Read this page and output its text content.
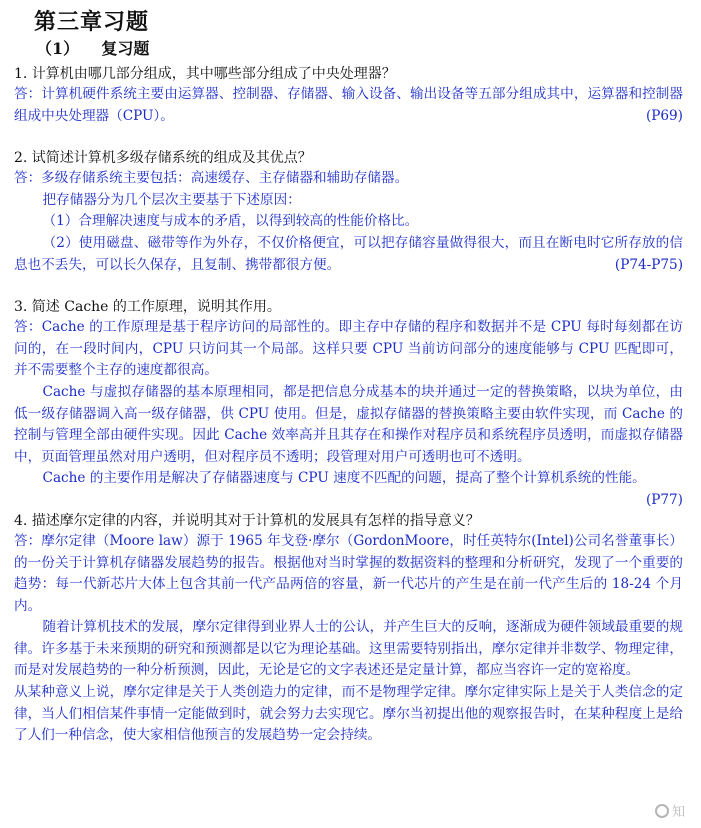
第三章习题
（1）    复习题

1. 计算机由哪几部分组成，其中哪些部分组成了中央处理器？

答：计算机硬件系统主要由运算器、控制器、存储器、输入设备、输出设备等五部分组成其中，运算器和控制器组成中央处理器（CPU）。	(P69)

2. 试简述计算机多级存储系统的组成及其优点？

答：多级存储系统主要包括：高速缓存、主存储器和辅助存储器。

把存储器分为几个层次主要基于下述原因：

（1）合理解决速度与成本的矛盾，以得到较高的性能价格比。

（2）使用磁盘、磁带等作为外存，不仅价格便宜，可以把存储容量做得很大，而且在断电时它所存放的信息也不丢失，可以长久保存，且复制、携带都很方便。	(P74-P75)

3. 简述 Cache 的工作原理，说明其作用。

答：Cache 的工作原理是基于程序访问的局部性的。即主存中存储的程序和数据并不是 CPU 每时每刻都在访问的，在一段时间内，CPU 只访问其一个局部。这样只要 CPU 当前访问部分的速度能够与 CPU 匹配即可，并不需要整个主存的速度都很高。

Cache 与虚拟存储器的基本原理相同，都是把信息分成基本的块并通过一定的替换策略，以块为单位，由低一级存储器调入高一级存储器，供 CPU 使用。但是，虚拟存储器的替换策略主要由软件实现，而 Cache 的控制与管理全部由硬件实现。因此 Cache 效率高并且其存在和操作对程序员和系统程序员透明，而虚拟存储器中，页面管理虽然对用户透明，但对程序员不透明；段管理对用户可透明也可不透明。

Cache 的主要作用是解决了存储器速度与 CPU 速度不匹配的问题，提高了整个计算机系统的性能。
(P77)

4. 描述摩尔定律的内容，并说明其对于计算机的发展具有怎样的指导意义？

答：摩尔定律（Moore law）源于 1965 年戈登·摩尔（GordonMoore，时任英特尔(Intel)公司名誉董事长）的一份关于计算机存储器发展趋势的报告。根据他对当时掌握的数据资料的整理和分析研究，发现了一个重要的趋势：每一代新芯片大体上包含其前一代产品两倍的容量，新一代芯片的产生是在前一代产生后的 18-24 个月内。

随着计算机技术的发展，摩尔定律得到业界人士的公认，并产生巨大的反响，逐渐成为硬件领域最重要的规律。许多基于未来预期的研究和预测都是以它为理论基础。这里需要特别指出，摩尔定律并非数学、物理定律，而是对发展趋势的一种分析预测，因此，无论是它的文字表述还是定量计算，都应当容许一定的宽裕度。

从某种意义上说，摩尔定律是关于人类创造力的定律，而不是物理学定律。摩尔定律实际上是关于人类信念的定律，当人们相信某件事情一定能做到时，就会努力去实现它。摩尔当初提出他的观察报告时，在某种程度上是给了人们一种信念，使大家相信他预言的发展趋势一定会持续。

知
